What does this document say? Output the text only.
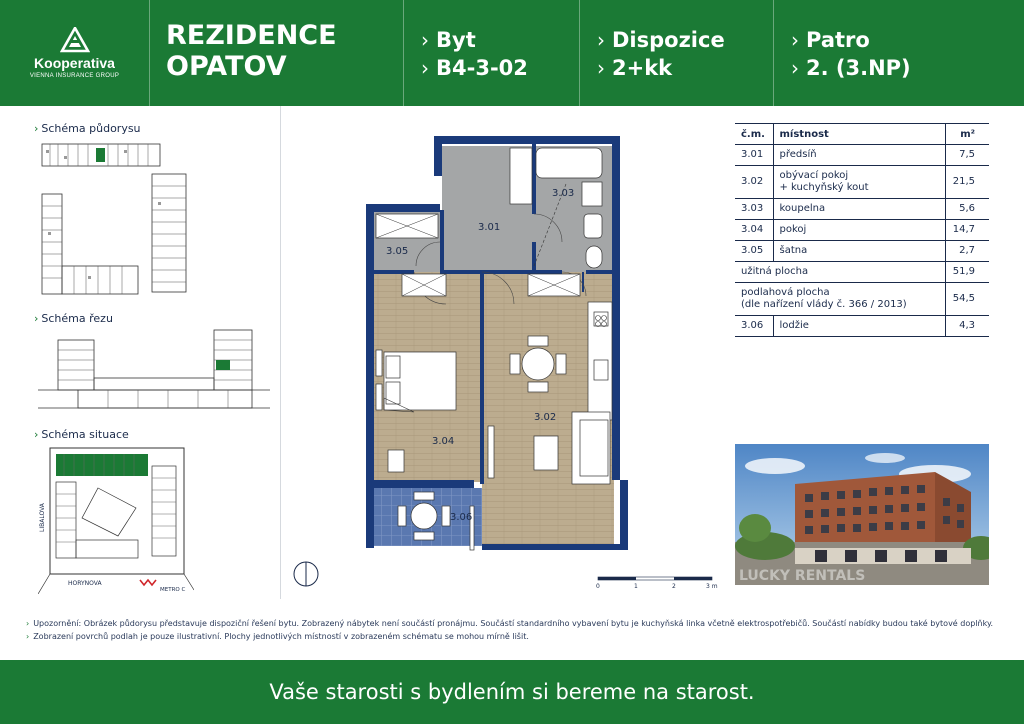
Kooperativa
VIENNA INSURANCE GROUP
REZIDENCE
OPATOV
› Byt
› B4-3-02
› Dispozice
› 2+kk
› Patro
› 2. (3.NP)
› Schéma půdorysu
› Schéma řezu
› Schéma situace
LIBALOVA
HORYNOVA
METRO C
3.01
3.02
3.03
3.04
3.05
3.06
0	1	2	3 m
č.m.	místnost	m²
3.01	předsíň	7,5
3.02	obývací pokoj
+ kuchyňský kout	21,5
3.03	koupelna	5,6
3.04	pokoj	14,7
3.05	šatna	2,7
užitná plocha		51,9

podlahová plocha
(dle nařízení vlády č. 366 / 2013)		54,5
3.06	lodžie	4,3
LUCKY RENTALS
› Upozornění: Obrázek půdorysu představuje dispoziční řešení bytu. Zobrazený nábytek není součástí pronájmu. Součástí standardního vybavení bytu je kuchyňská linka včetně elektrospotřebičů. Součástí nabídky budou také bytové doplňky.
› Zobrazení povrchů podlah je pouze ilustrativní. Plochy jednotlivých místností v zobrazeném schématu se mohou mírně lišit.
Vaše starosti s bydlením si bereme na starost.
